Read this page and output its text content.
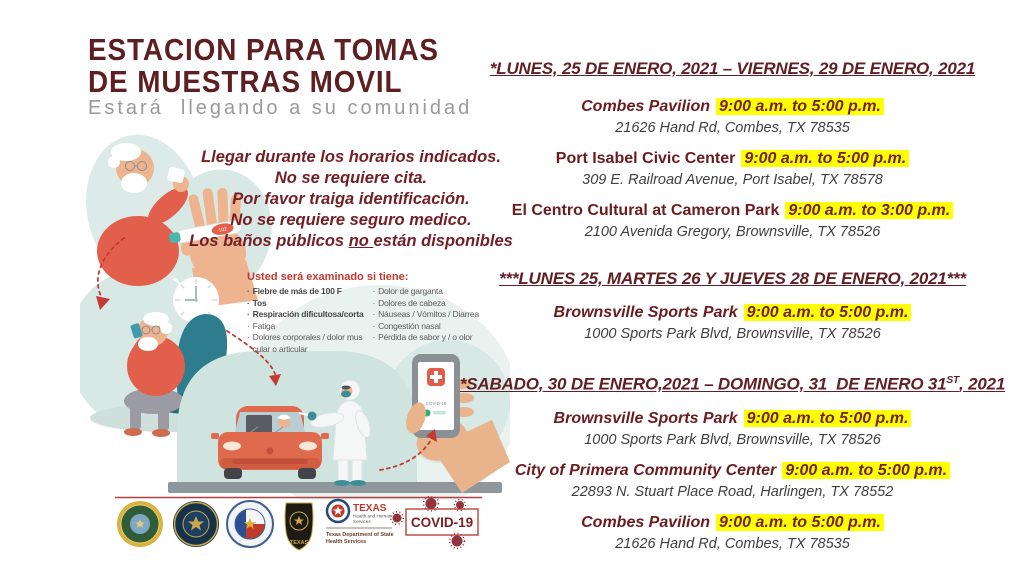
ESTACION PARA TOMAS
DE MUESTRAS MOVIL
Estará  llegando a su comunidad
102
COVID-19
Llegar durante los horarios indicados.
No se requiere cita.
Por favor traiga identificación.
No se requiere seguro medico.
Los baños públicos no están disponibles
Usted será examinado si tiene:
· Fiebre de más de 100 F
· Tos
· Respiración dificultosa/corta
· Fatiga
· Dolores corporales / dolor mus cular o articular
· Dolor de garganta
· Dolores de cabeza
· Náuseas / Vómitos / Diarrea
· Congestión nasal
· Pérdida de sabor y / o olor
*LUNES, 25 DE ENERO, 2021 – VIERNES, 29 DE ENERO, 2021
Combes Pavilion 9:00 a.m. to 5:00 p.m.
21626 Hand Rd, Combes, TX 78535
Port Isabel Civic Center 9:00 a.m. to 5:00 p.m.
309 E. Railroad Avenue, Port Isabel, TX 78578
El Centro Cultural at Cameron Park 9:00 a.m. to 3:00 p.m.
2100 Avenida Gregory, Brownsville, TX 78526
***LUNES 25, MARTES 26 Y JUEVES 28 DE ENERO, 2021***
Brownsville Sports Park 9:00 a.m. to 5:00 p.m.
1000 Sports Park Blvd, Brownsville, TX 78526
*SABADO, 30 DE ENERO,2021 – DOMINGO, 31  DE ENERO 31ST, 2021
Brownsville Sports Park 9:00 a.m. to 5:00 p.m.
1000 Sports Park Blvd, Brownsville, TX 78526
City of Primera Community Center 9:00 a.m. to 5:00 p.m.
22893 N. Stuart Place Road, Harlingen, TX 78552
Combes Pavilion 9:00 a.m. to 5:00 p.m.
21626 Hand Rd, Combes, TX 78535
TEXAS
TEXAS
Health and Human
Services
Texas Department of State
Health Services
COVID-19
